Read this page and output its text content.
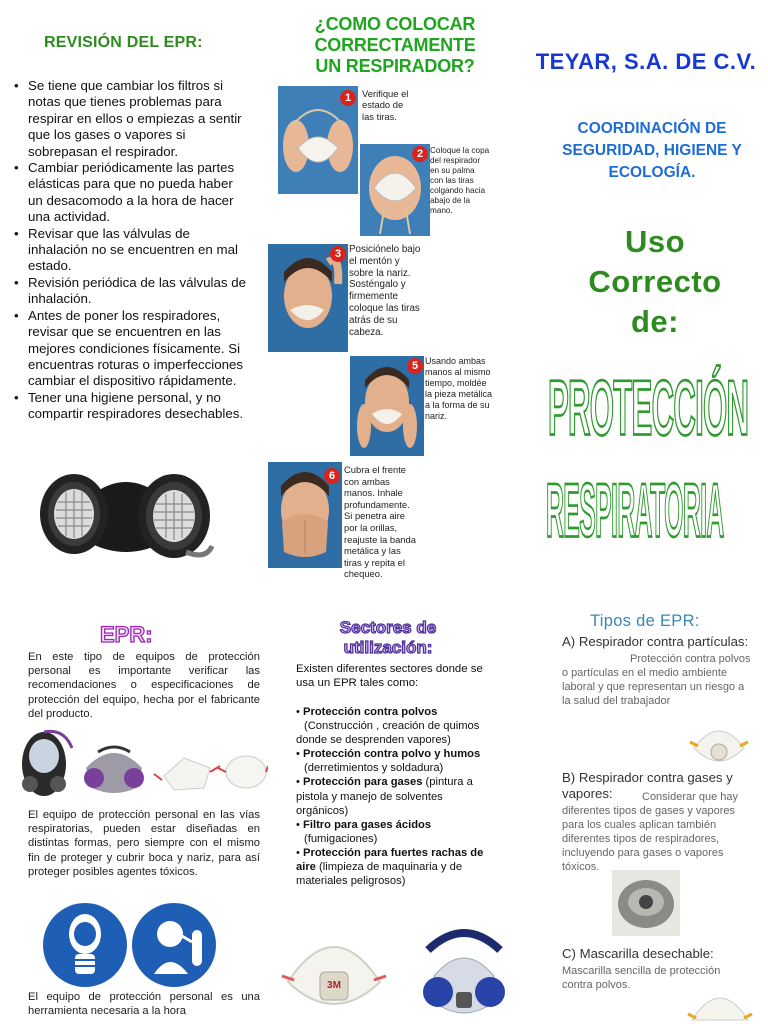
REVISIÓN DEL EPR:
• Se tiene que cambiar los filtros si notas que tienes problemas para respirar en ellos o empiezas a sentir que los gases o vapores si sobrepasan el respirador.
• Cambiar periódicamente las partes elásticas para que no pueda haber un desacomodo a la hora de hacer una actividad.
• Revisar que las válvulas de inhalación no se encuentren en mal estado.
• Revisión periódica de las válvulas de inhalación.
• Antes de poner los respiradores, revisar que se encuentren en las mejores condiciones físicamente. Si encuentras roturas o imperfecciones cambiar el dispositivo rápidamente.
• Tener una higiene personal, y no compartir respiradores desechables.
¿COMO COLOCAR CORRECTAMENTE UN RESPIRADOR?
1	Verifique el estado de las tiras.
2 Coloque la copa del respirador en su palma con las tiras colgando hacia abajo de la mano.
3 Posiciónelo bajo el mentón y sobre la nariz. Sosténgalo y firmemente coloque las tiras atrás de su cabeza.
5 Usando ambas manos al mismo tiempo, moldée la pieza metálica a la forma de su nariz.
6
Cubra el frente con ambas manos. Inhale profundamente. Si penetra aire por la orillas, reajuste la banda metálica y las tiras y repita el chequeo.
TEYAR, S.A. DE C.V.
COORDINACIÓN DE SEGURIDAD, HIGIENE Y ECOLOGÍA.
Uso
Correcto
de:
PROTECCIÓN
RESPIRATORIA
EPR:
En este tipo de equipos de protección personal es importante verificar las recomendaciones o especificaciones de protección del equipo, hecha por el fabricante del producto.
El equipo de protección personal en las vías respiratorias, pueden estar diseñadas en distintas formas, pero siempre con el mismo fin de proteger y cubrir boca y nariz, para así proteger posibles agentes tóxicos.
El equipo de protección personal es una herramienta necesaria a la hora
Sectores de utilización:
Existen diferentes sectores donde se usa un EPR tales como:
• Protección contra polvos
(Construcción , creación de quimos donde se desprenden vapores)
• Protección contra polvo y humos
(derretimientos y soldadura)
• Protección para gases (pintura a pistola y manejo de solventes orgánicos)
• Filtro para gases ácidos
(fumigaciones)
• Protección para fuertes rachas de aire (limpieza de maquinaria y de materiales peligrosos)
3M
Tipos de EPR:
A) Respirador contra partículas:
Protección contra polvos o partículas en el medio ambiente laboral y que representan un riesgo a la salud del trabajador
B) Respirador contra gases y vapores:	Considerar que hay diferentes tipos de gases y vapores para los cuales aplican también diferentes tipos de respiradores, incluyendo para gases o vapores tóxicos.
C) Mascarilla desechable:
Mascarilla sencilla de protección contra polvos.
